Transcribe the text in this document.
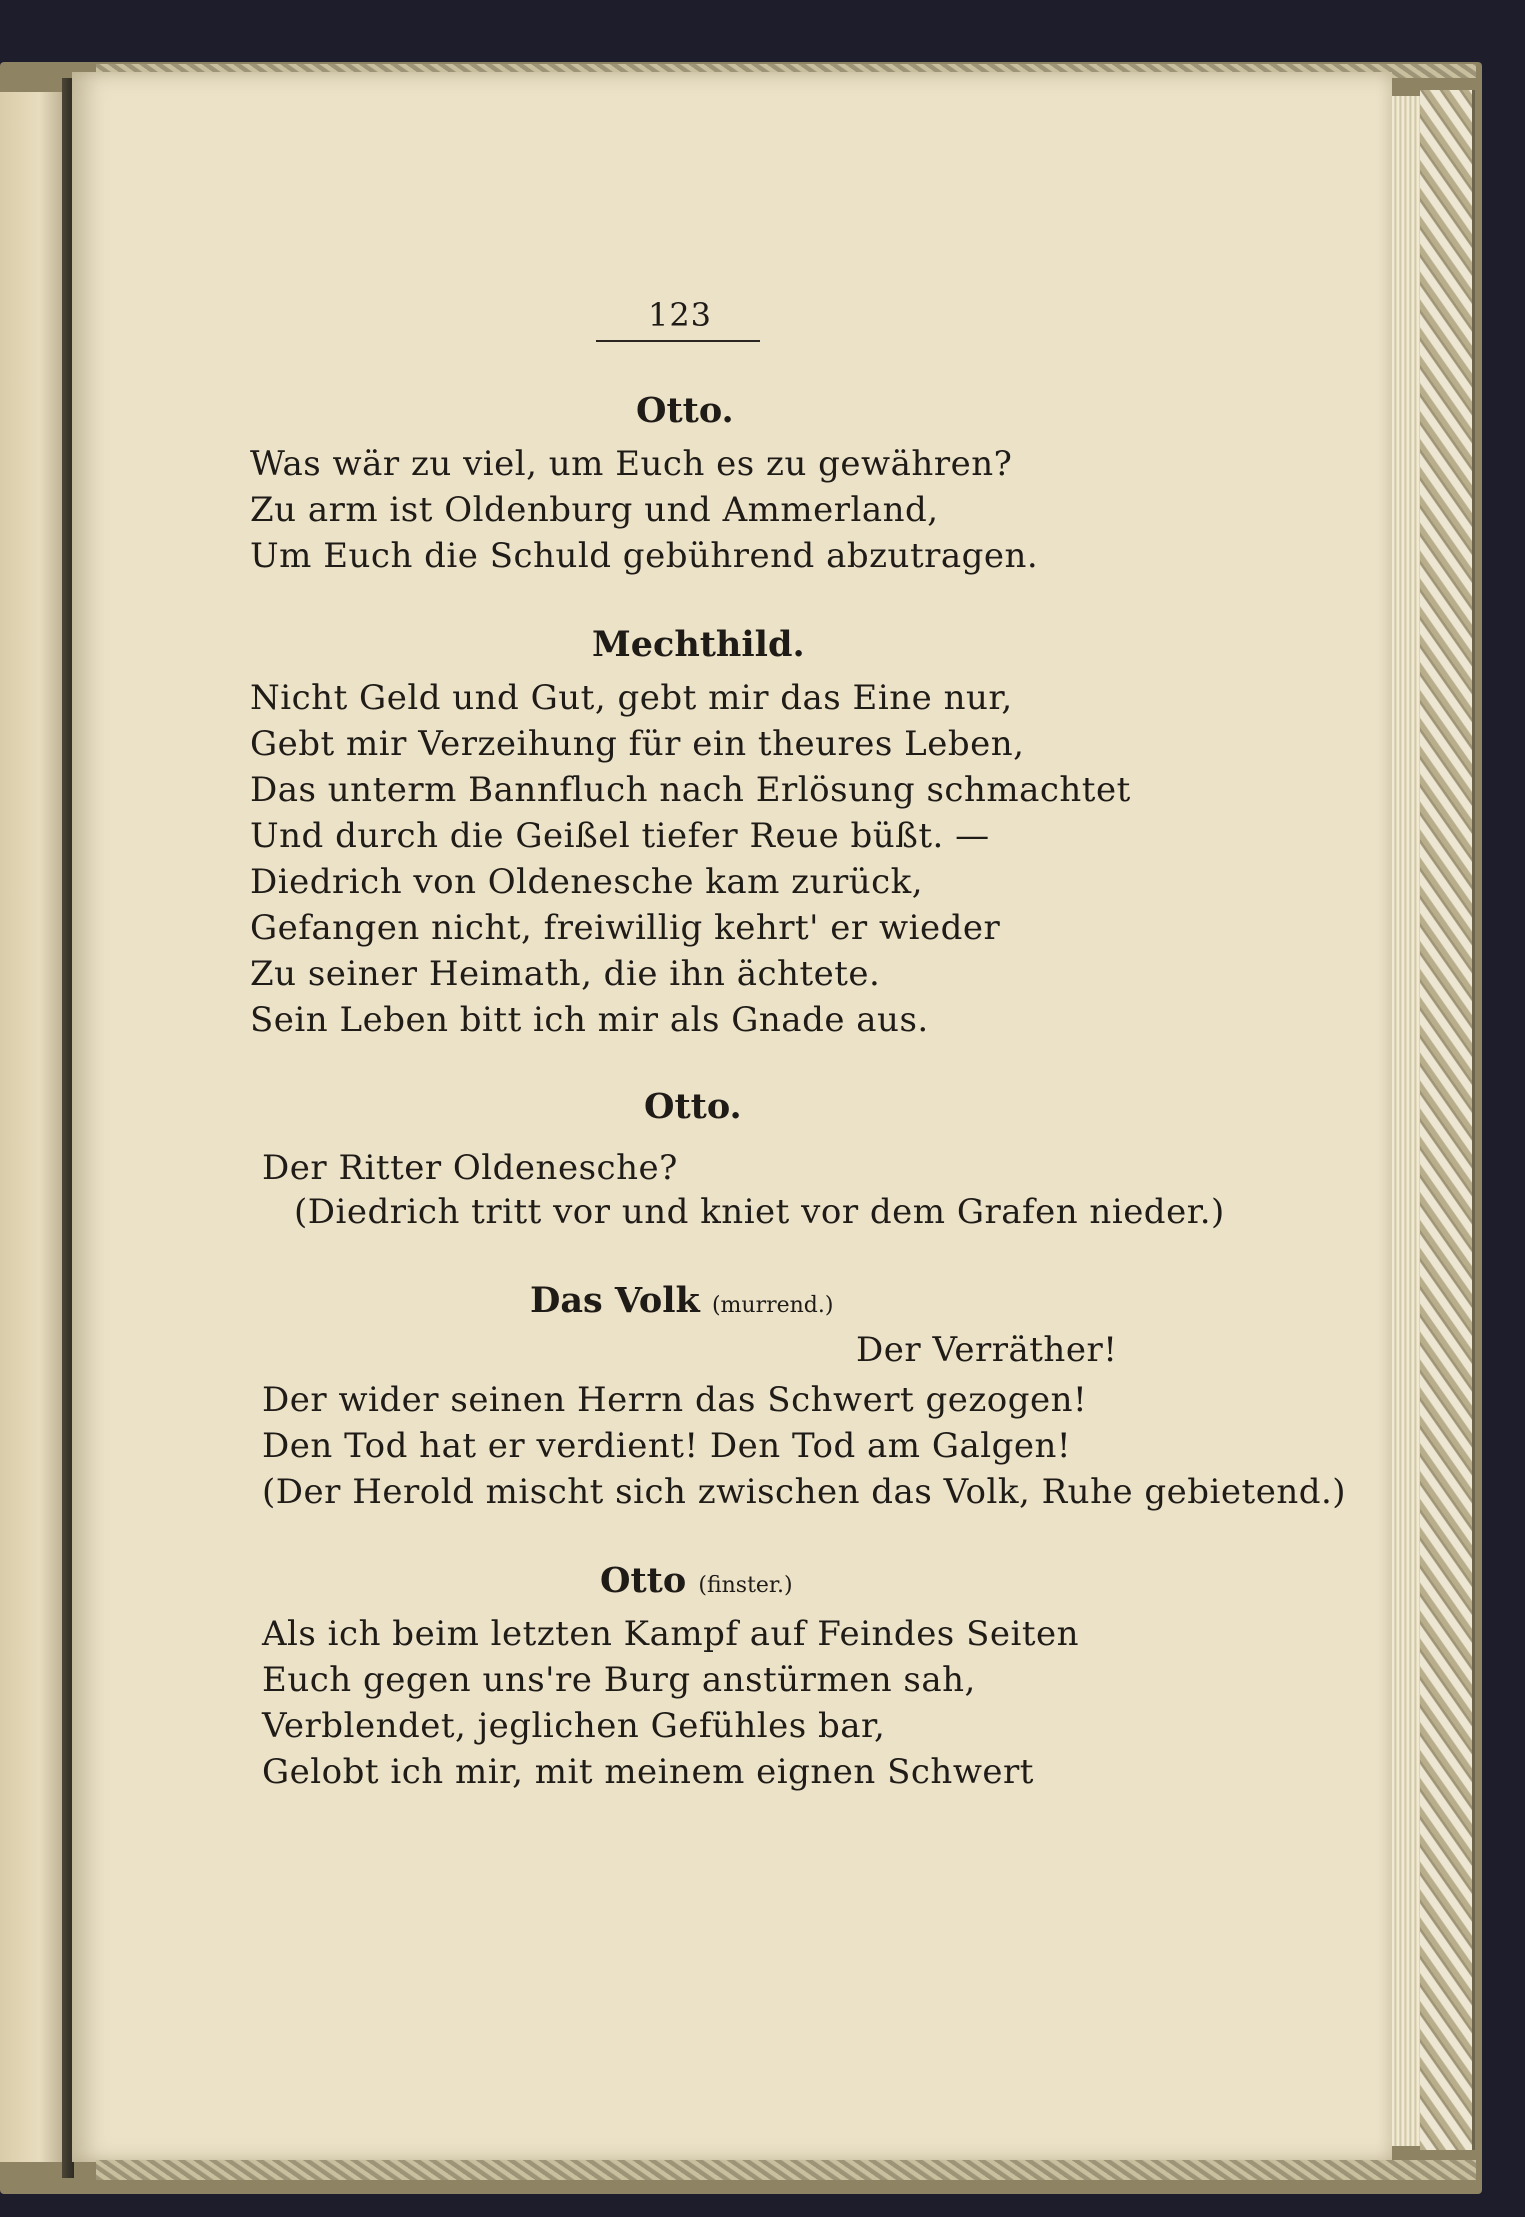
123
Otto.
Was wär zu viel, um Euch es zu gewähren?
Zu arm ist Oldenburg und Ammerland,
Um Euch die Schuld gebührend abzutragen.
Mechthild.
Nicht Geld und Gut, gebt mir das Eine nur,
Gebt mir Verzeihung für ein theures Leben,
Das unterm Bannfluch nach Erlösung schmachtet
Und durch die Geißel tiefer Reue büßt. —
Diedrich von Oldenesche kam zurück,
Gefangen nicht, freiwillig kehrt' er wieder
Zu seiner Heimath, die ihn ächtete.
Sein Leben bitt ich mir als Gnade aus.
Otto.
Der Ritter Oldenesche?
(Diedrich tritt vor und kniet vor dem Grafen nieder.)
Das Volk (murrend.)
Der Verräther!
Der wider seinen Herrn das Schwert gezogen!
Den Tod hat er verdient! Den Tod am Galgen!
(Der Herold mischt sich zwischen das Volk, Ruhe gebietend.)
Otto (finster.)
Als ich beim letzten Kampf auf Feindes Seiten
Euch gegen uns're Burg anstürmen sah,
Verblendet, jeglichen Gefühles bar,
Gelobt ich mir, mit meinem eignen Schwert
